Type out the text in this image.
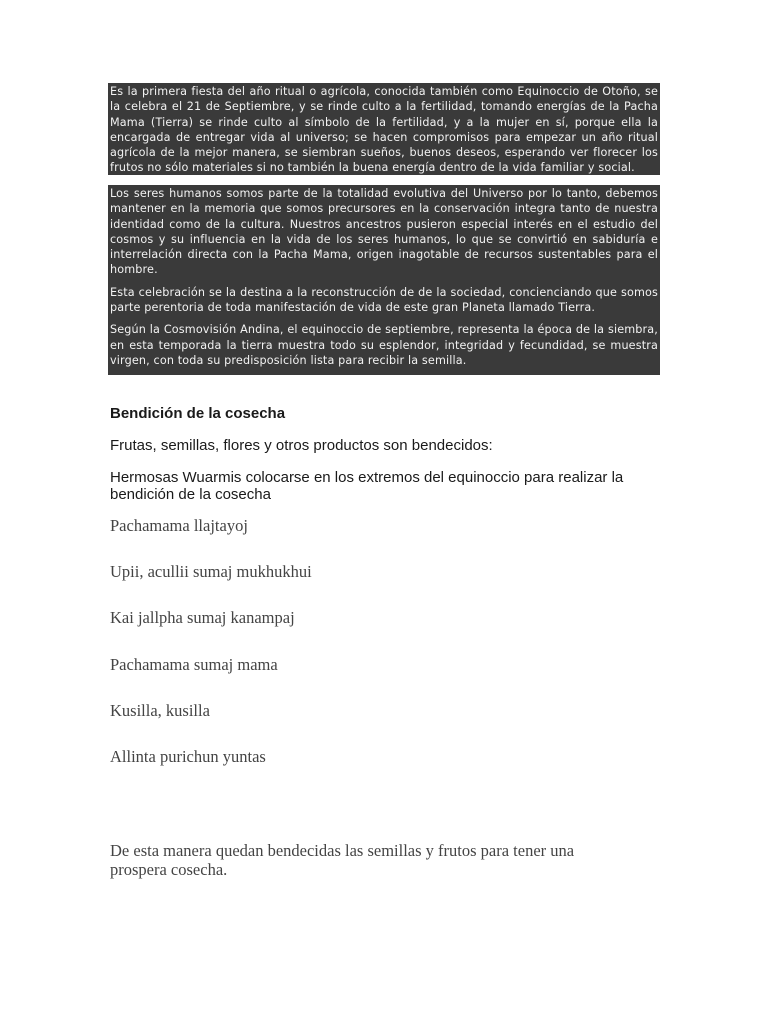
Es la primera fiesta del año ritual o agrícola, conocida también como Equinoccio de Otoño, se la celebra el 21 de Septiembre, y se rinde culto a la fertilidad, tomando energías de la Pacha Mama (Tierra) se rinde culto al símbolo de la fertilidad, y a la mujer en sí, porque ella la encargada de entregar vida al universo; se hacen compromisos para empezar un año ritual agrícola de la mejor manera, se siembran sueños, buenos deseos, esperando ver florecer los frutos no sólo materiales si no también la buena energía dentro de la vida familiar y social.

Los seres humanos somos parte de la totalidad evolutiva del Universo por lo tanto, debemos mantener en la memoria que somos precursores en la conservación integra tanto de nuestra identidad como de la cultura. Nuestros ancestros pusieron especial interés en el estudio del cosmos y su influencia en la vida de los seres humanos, lo que se convirtió en sabiduría e interrelación directa con la Pacha Mama, origen inagotable de recursos sustentables para el hombre.

Esta celebración se la destina a la reconstrucción de de la sociedad, concienciando que somos parte perentoria de toda manifestación de vida de este gran Planeta llamado Tierra.

Según la Cosmovisión Andina, el equinoccio de septiembre, representa la época de la siembra, en esta temporada la tierra muestra todo su esplendor, integridad y fecundidad, se muestra virgen, con toda su predisposición lista para recibir la semilla.

Bendición de la cosecha
Frutas, semillas, flores y otros productos son bendecidos:
Hermosas Wuarmis colocarse en los extremos del equinoccio para realizar la bendición de la cosecha
Pachamama llajtayoj
Upii, acullii sumaj mukhukhui
Kai jallpha sumaj kanampaj
Pachamama sumaj mama
Kusilla, kusilla
Allinta purichun yuntas
De esta manera quedan bendecidas las semillas y frutos para tener una prospera cosecha.
